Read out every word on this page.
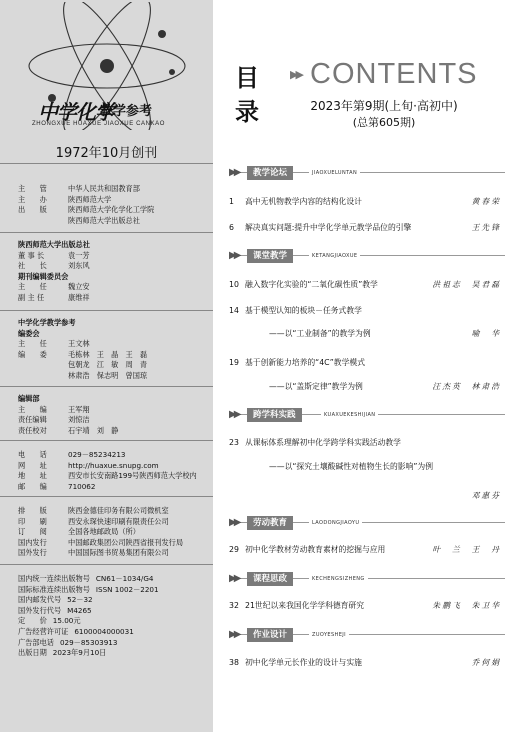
中学化学
教学参考
ZHONGXUE HUAXUE JIAOXUE CANKAO
1972年10月创刊
主　　管	中华人民共和国教育部
主　　办	陕西师范大学
出　　版	陕西师范大学化学化工学院
陕西师范大学出版总社
陕西师范大学出版总社
董 事 长	袁一芳
社　　长	刘东风
期刊编辑委员会
主　　任	魏立安
副 主 任	康维祥
中学化学教学参考
编委会
主　　任	王文林
编　　委	毛栋林　王　晶　王　磊
包朝龙　江　敏　周　青
林肃浩　保志明　曾国琼
编辑部
主　　编	王军翔
责任编辑	刘惊洁
责任校对	石宇靖　刘　静
电　　话	029－85234213
网　　址	http://huaxue.snupg.com
地　　址	西安市长安南路199号陕西师范大学校内
邮　　编	710062
排　　版	陕西金德佳印务有限公司微机室
印　　刷	西安永琛快速印刷有限责任公司
订　　阅	全国各地邮政局（所）
国内发行	中国邮政集团公司陕西省报刊发行局
国外发行	中国国际图书贸易集团有限公司
国内统一连续出版物号 CN61－1034/G4
国际标准连续出版物号 ISSN 1002－2201
国内邮发代号 52－32
国外发行代号 M4265
定　　价 15.00元
广告经营许可证 6100004000031
广告部电话 029－85303913
出版日期 2023年9月10日
目
录
▶▶ CONTENTS
2023年第9期(上旬·高初中)
(总第605期)
▶▶	教学论坛	JIAOXUELUNTAN
1 高中无机物教学内容的结构化设计	黄春荣
6 解决真实问题:提升中学化学单元教学品位的引擎	王先锋
▶▶	课堂教学	KETANGJIAOXUE
10 融入数字化实验的“二氧化碳性质”教学	洪祖志　吴君磊
14 基于模型认知的板块－任务式教学
——以“工业制备”的教学为例	喻　华
19 基于创新能力培养的“4C”教学模式
——以“盖斯定律”教学为例	汪杰英　林肃浩
▶▶	跨学科实践	KUAXUEKESHIJIAN
23 从课标体系理解初中化学跨学科实践活动教学
——以“探究土壤酸碱性对植物生长的影响”为例
邓惠芬
▶▶	劳动教育	LAODONGJIAOYU
29 初中化学教材劳动教育素材的挖掘与应用	叶　兰　王　丹
▶▶	课程思政	KECHENGSIZHENG
32 21世纪以来我国化学学科德育研究	朱鹏飞　朱卫华
▶▶	作业设计	ZUOYESHEJI
38 初中化学单元长作业的设计与实施	乔何娟
